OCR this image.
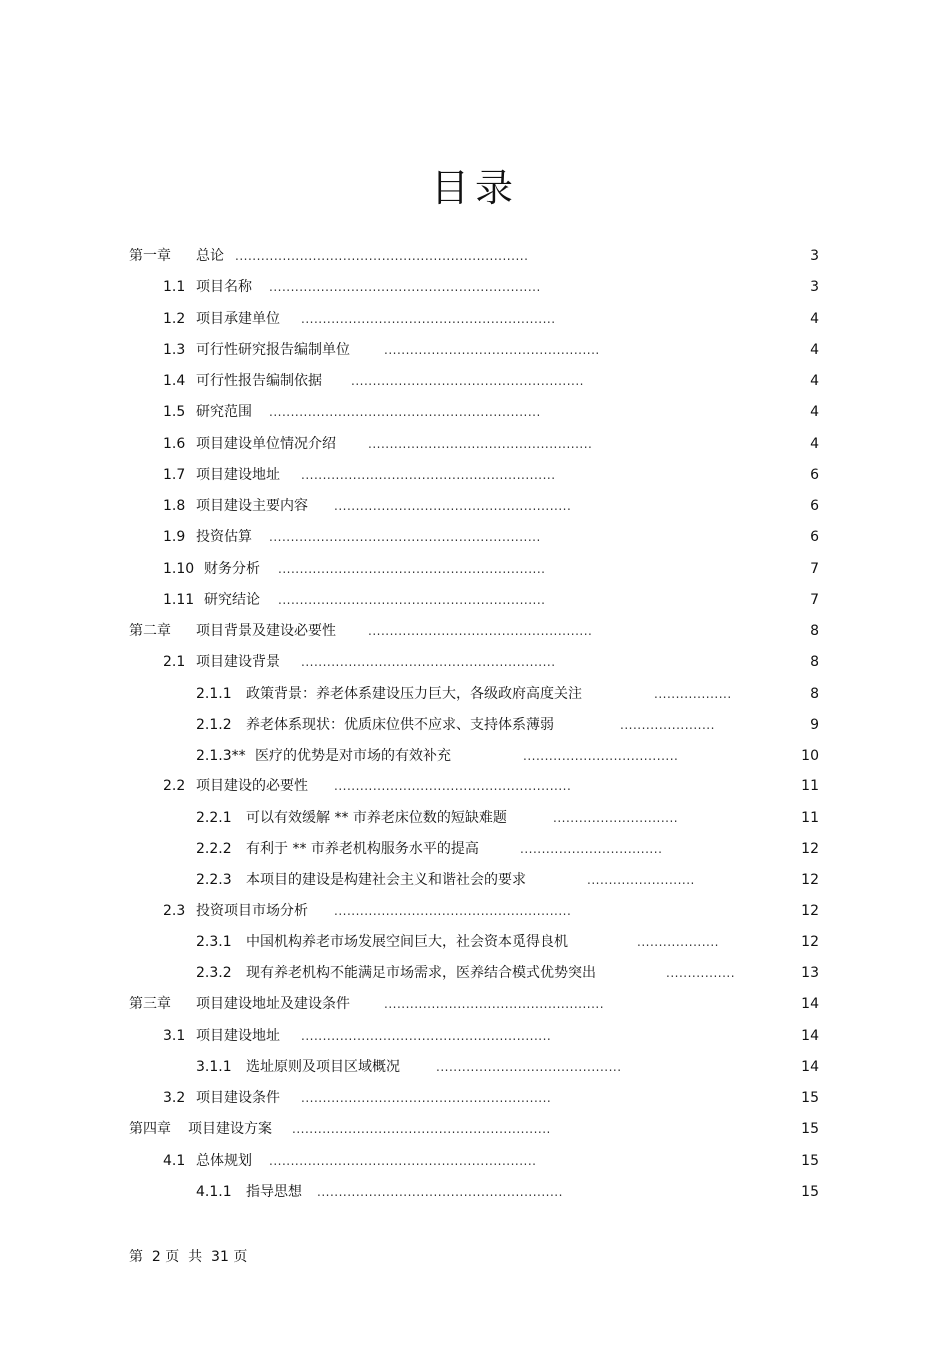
目录
第一章 总论 ....................................................................	3
1.1 项目名称 ...............................................................	3
1.2 项目承建单位 ...........................................................	4
1.3 可行性研究报告编制单位	..................................................	4
1.4 可行性报告编制依据 ......................................................	4
1.5 研究范围 ...............................................................	4
1.6 项目建设单位情况介绍	....................................................	4
1.7 项目建设地址 ...........................................................	6
1.8 项目建设主要内容 .......................................................	6
1.9 投资估算 ...............................................................	6
1.10 财务分析 ..............................................................	7
1.11 研究结论 ..............................................................	7
第二章 项目背景及建设必要性	....................................................	8
2.1 项目建设背景 ...........................................................	8
2.1.1 政策背景：养老体系建设压力巨大，各级政府高度关注	..................	8
2.1.2 养老体系现状：优质床位供不应求、支持体系薄弱	......................	9
2.1.3** 医疗的优势是对市场的有效补充	....................................	10
2.2 项目建设的必要性 .......................................................	11
2.2.1 可以有效缓解 ** 市养老床位数的短缺难题	.............................	11
2.2.2 有利于 ** 市养老机构服务水平的提高	.................................	12
2.2.3 本项目的建设是构建社会主义和谐社会的要求	.........................	12
2.3 投资项目市场分析 .......................................................	12
2.3.1 中国机构养老市场发展空间巨大，社会资本觅得良机	...................	12
2.3.2 现有养老机构不能满足市场需求，医养结合模式优势突出	................	13
第三章 项目建设地址及建设条件	...................................................	14
3.1 项目建设地址 ..........................................................	14
3.1.1 选址原则及项目区域概况	...........................................	14
3.2 项目建设条件 ..........................................................	15
第四章 项目建设方案 ............................................................	15
4.1 总体规划 ..............................................................	15
4.1.1 指导思想 .........................................................	15
第  2 页  共  31 页
